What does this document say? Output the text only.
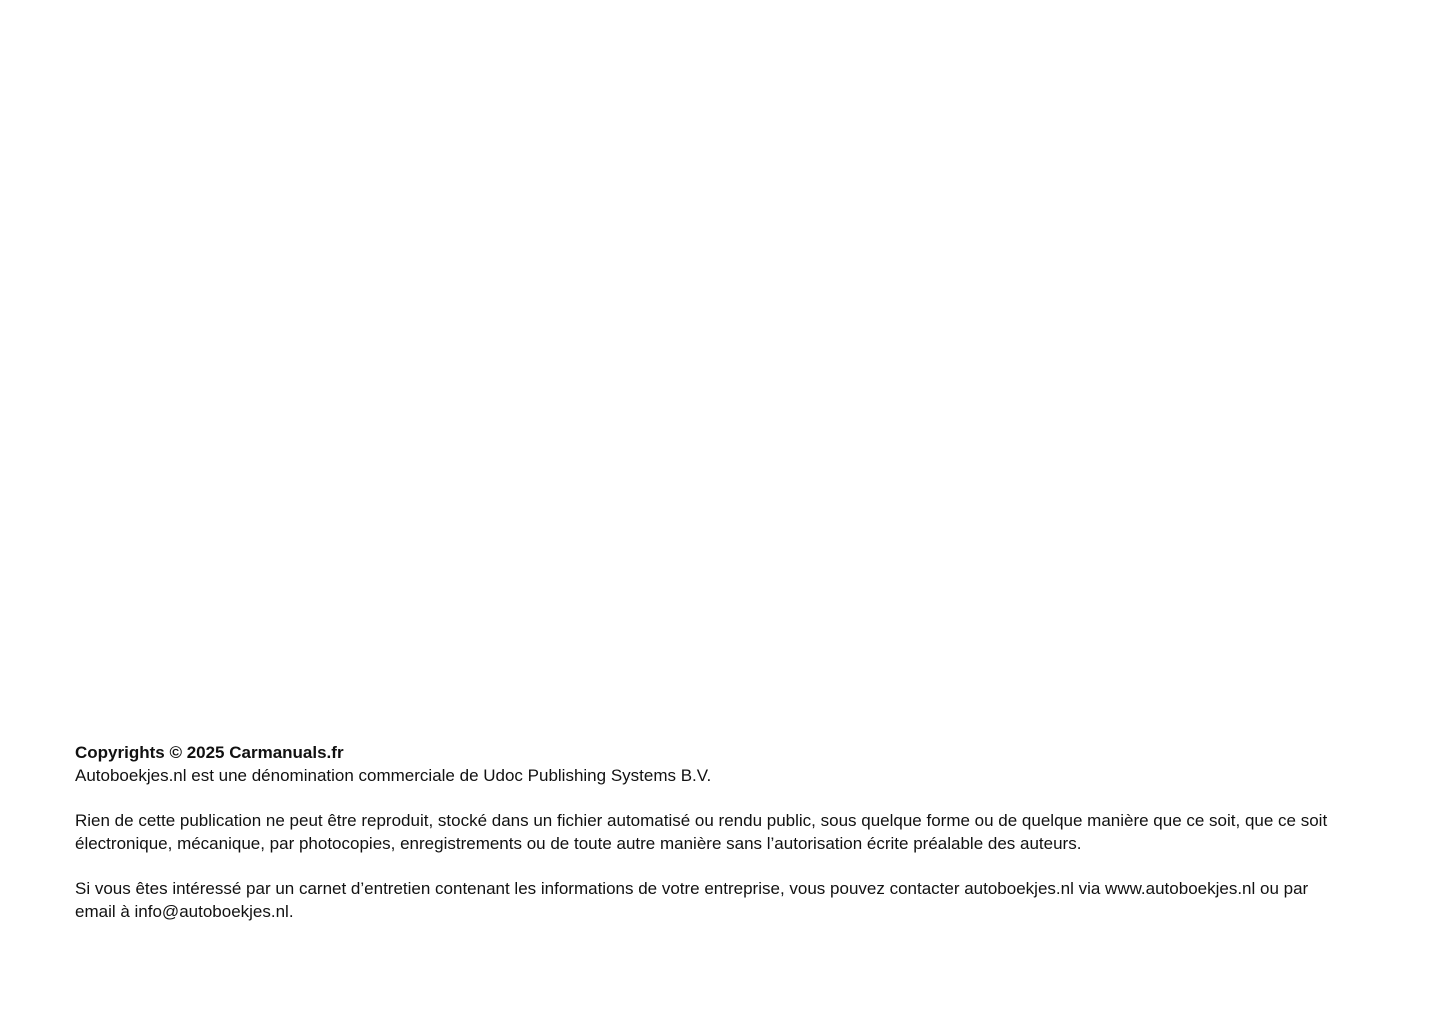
Copyrights © 2025 Carmanuals.fr

Autoboekjes.nl est une dénomination commerciale de Udoc Publishing Systems B.V.

Rien de cette publication ne peut être reproduit, stocké dans un fichier automatisé ou rendu public, sous quelque forme ou de quelque manière que ce soit, que ce soit électronique, mécanique, par photocopies, enregistrements ou de toute autre manière sans l’autorisation écrite préalable des auteurs.

Si vous êtes intéressé par un carnet d’entretien contenant les informations de votre entreprise, vous pouvez contacter autoboekjes.nl via www.autoboekjes.nl ou par email à info@autoboekjes.nl.
